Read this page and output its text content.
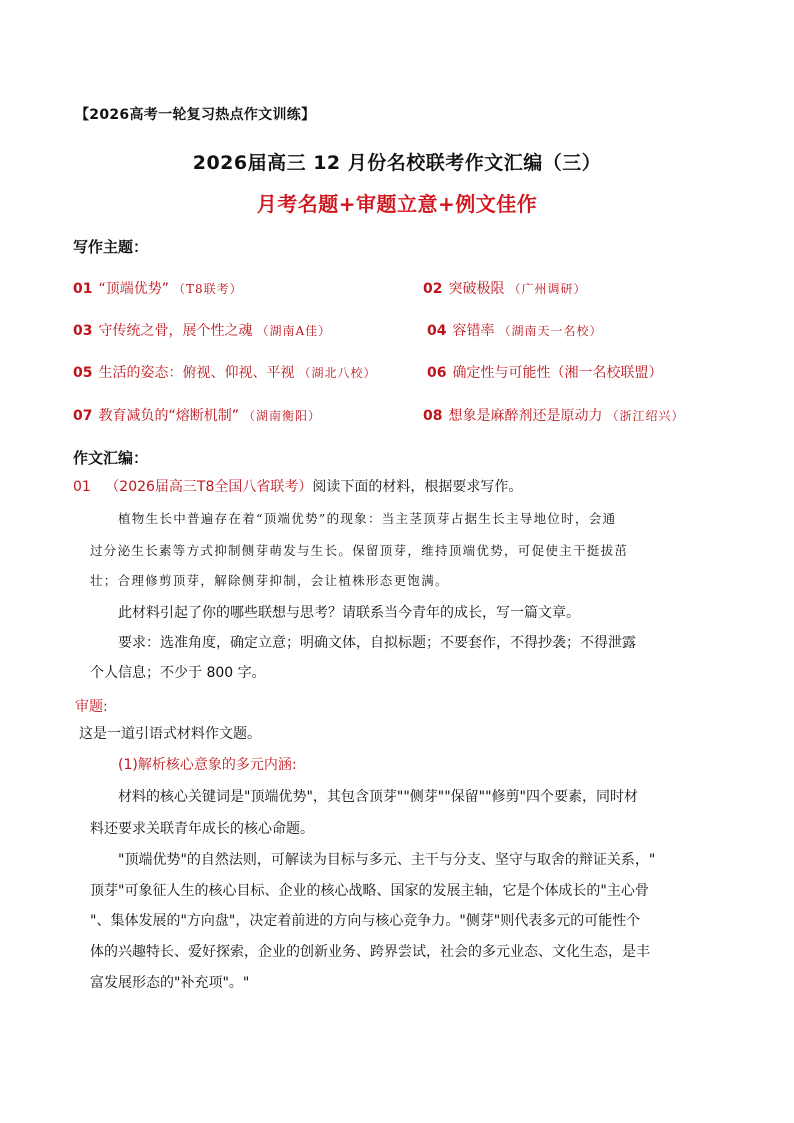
【2026高考一轮复习热点作文训练】
2026届高三 12 月份名校联考作文汇编（三）
月考名题+审题立意+例文佳作
写作主题：
01 “顶端优势” （T8联考）	02 突破极限 （广州调研）
03 守传统之骨，展个性之魂 （湖南A佳）	04 容错率 （湖南天一名校）
05 生活的姿态：俯视、仰视、平视 （湖北八校）	06 确定性与可能性（湘一名校联盟）
07 教育减负的“熔断机制” （湖南衡阳）	08 想象是麻醉剂还是原动力 （浙江绍兴）
作文汇编：
01 （2026届高三T8全国八省联考）阅读下面的材料，根据要求写作。
植物生长中普遍存在着“顶端优势”的现象：当主茎顶芽占据生长主导地位时，会通
过分泌生长素等方式抑制侧芽萌发与生长。保留顶芽，维持顶端优势，可促使主干挺拔茁
壮；合理修剪顶芽，解除侧芽抑制，会让植株形态更饱满。
此材料引起了你的哪些联想与思考？请联系当今青年的成长，写一篇文章。
要求：选准角度，确定立意；明确文体，自拟标题；不要套作，不得抄袭；不得泄露
个人信息；不少于 800 字。
审题:
这是一道引语式材料作文题。
(1)解析核心意象的多元内涵:
材料的核心关键词是"顶端优势"，其包含顶芽""侧芽""保留""修剪"四个要素，同时材
料还要求关联青年成长的核心命题。
"顶端优势"的自然法则，可解读为目标与多元、主干与分支、坚守与取舍的辩证关系，"
顶芽"可象征人生的核心目标、企业的核心战略、国家的发展主轴，它是个体成长的"主心骨
"、集体发展的"方向盘"，决定着前进的方向与核心竞争力。"侧芽"则代表多元的可能性个
体的兴趣特长、爱好探索，企业的创新业务、跨界尝试，社会的多元业态、文化生态，是丰
富发展形态的"补充项"。"
